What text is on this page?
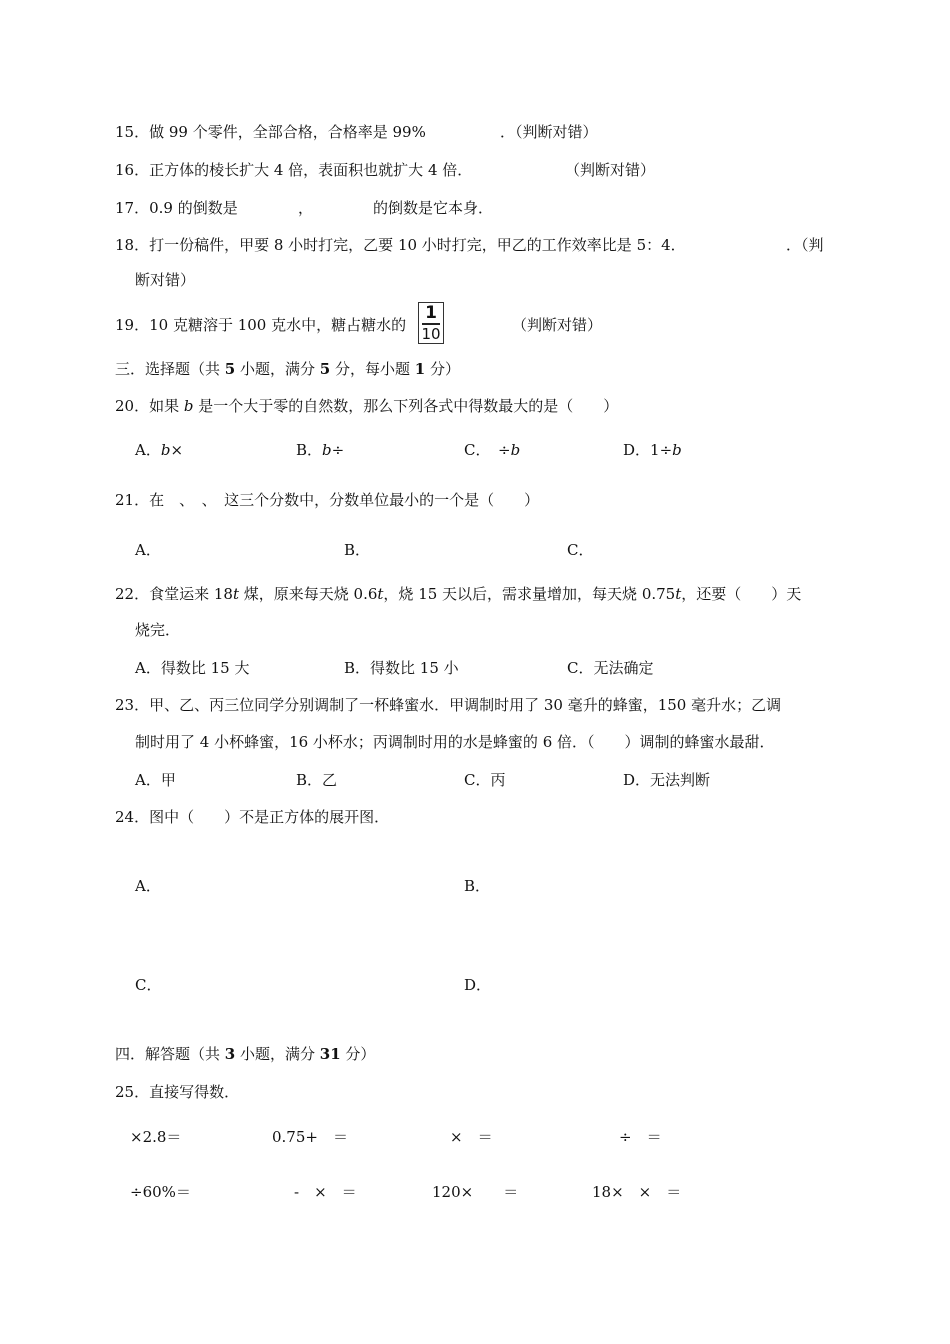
15．做 99 个零件，全部合格，合格率是 99%	．（判断对错）
16．正方体的棱长扩大 4 倍，表面积也就扩大 4 倍．	（判断对错）
17．0.9 的倒数是	，	的倒数是它本身．
18．打一份稿件，甲要 8 小时打完，乙要 10 小时打完，甲乙的工作效率比是 5：4．	．（判
断对错）
19．10 克糖溶于 100 克水中，糖占糖水的
1
10	（判断对错）
三．选择题（共 5 小题，满分 5 分，每小题 1 分）
20．如果 b 是一个大于零的自然数，那么下列各式中得数最大的是（　　）
A．b×	B．b÷	C．　÷b	D．1÷b
21．在　、　、　这三个分数中，分数单位最小的一个是（　　）
A．	B．	C．
22．食堂运来 18t 煤，原来每天烧 0.6t，烧 15 天以后，需求量增加，每天烧 0.75t，还要（　　）天
烧完．
A．得数比 15 大	B．得数比 15 小	C．无法确定
23．甲、乙、丙三位同学分别调制了一杯蜂蜜水．甲调制时用了 30 毫升的蜂蜜，150 毫升水；乙调
制时用了 4 小杯蜂蜜，16 小杯水；丙调制时用的水是蜂蜜的 6 倍．（　　）调制的蜂蜜水最甜．
A．甲	B．乙	C．丙	D．无法判断
24．图中（　　）不是正方体的展开图．
A．	B．
C．	D．
四．解答题（共 3 小题，满分 31 分）
25．直接写得数．
×2.8＝	0.75+　＝	×　＝	÷　＝
÷60%＝	-　×　＝	120×　　＝	18×　×　＝
